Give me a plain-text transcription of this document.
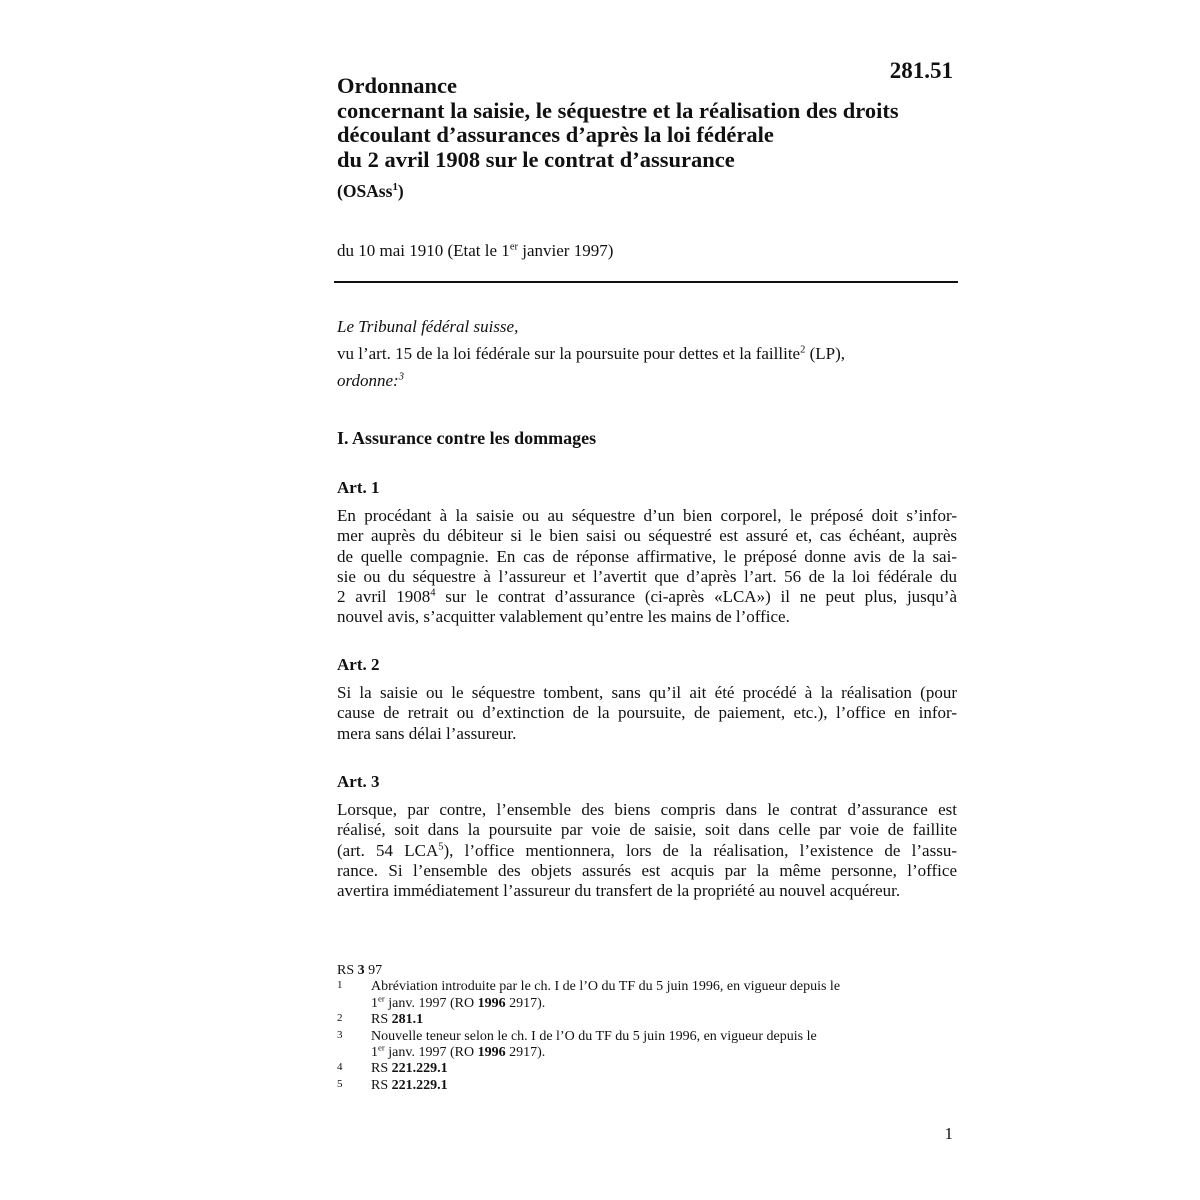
281.51
Ordonnance
concernant la saisie, le séquestre et la réalisation des droits
découlant d’assurances d’après la loi fédérale
du 2 avril 1908 sur le contrat d’assurance
(OSAss$^1$)
du 10 mai 1910 (Etat le 1er janvier 1997)
Le Tribunal fédéral suisse,
vu l’art. 15 de la loi fédérale sur la poursuite pour dettes et la faillite$^2$ (LP),
ordonne:$^3$
I. Assurance contre les dommages
Art. 1
En procédant à la saisie ou au séquestre d’un bien corporel, le préposé doit s’infor-
mer auprès du débiteur si le bien saisi ou séquestré est assuré et, cas échéant, auprès
de quelle compagnie. En cas de réponse affirmative, le préposé donne avis de la sai-
sie ou du séquestre à l’assureur et l’avertit que d’après l’art. 56 de la loi fédérale du
2 avril 1908$^4$ sur le contrat d’assurance (ci-après «LCA») il ne peut plus, jusqu’à
nouvel avis, s’acquitter valablement qu’entre les mains de l’office.
Art. 2
Si la saisie ou le séquestre tombent, sans qu’il ait été procédé à la réalisation (pour
cause de retrait ou d’extinction de la poursuite, de paiement, etc.), l’office en infor-
mera sans délai l’assureur.
Art. 3
Lorsque, par contre, l’ensemble des biens compris dans le contrat d’assurance est
réalisé, soit dans la poursuite par voie de saisie, soit dans celle par voie de faillite
(art. 54 LCA$^5$), l’office mentionnera, lors de la réalisation, l’existence de l’assu-
rance. Si l’ensemble des objets assurés est acquis par la même personne, l’office
avertira immédiatement l’assureur du transfert de la propriété au nouvel acquéreur.
RS 3 97
1 Abréviation introduite par le ch. I de l’O du TF du 5 juin 1996, en vigueur depuis le
1er janv. 1997 (RO 1996 2917).
2 RS 281.1
3 Nouvelle teneur selon le ch. I de l’O du TF du 5 juin 1996, en vigueur depuis le
1er janv. 1997 (RO 1996 2917).
4 RS 221.229.1
5 RS 221.229.1
1
